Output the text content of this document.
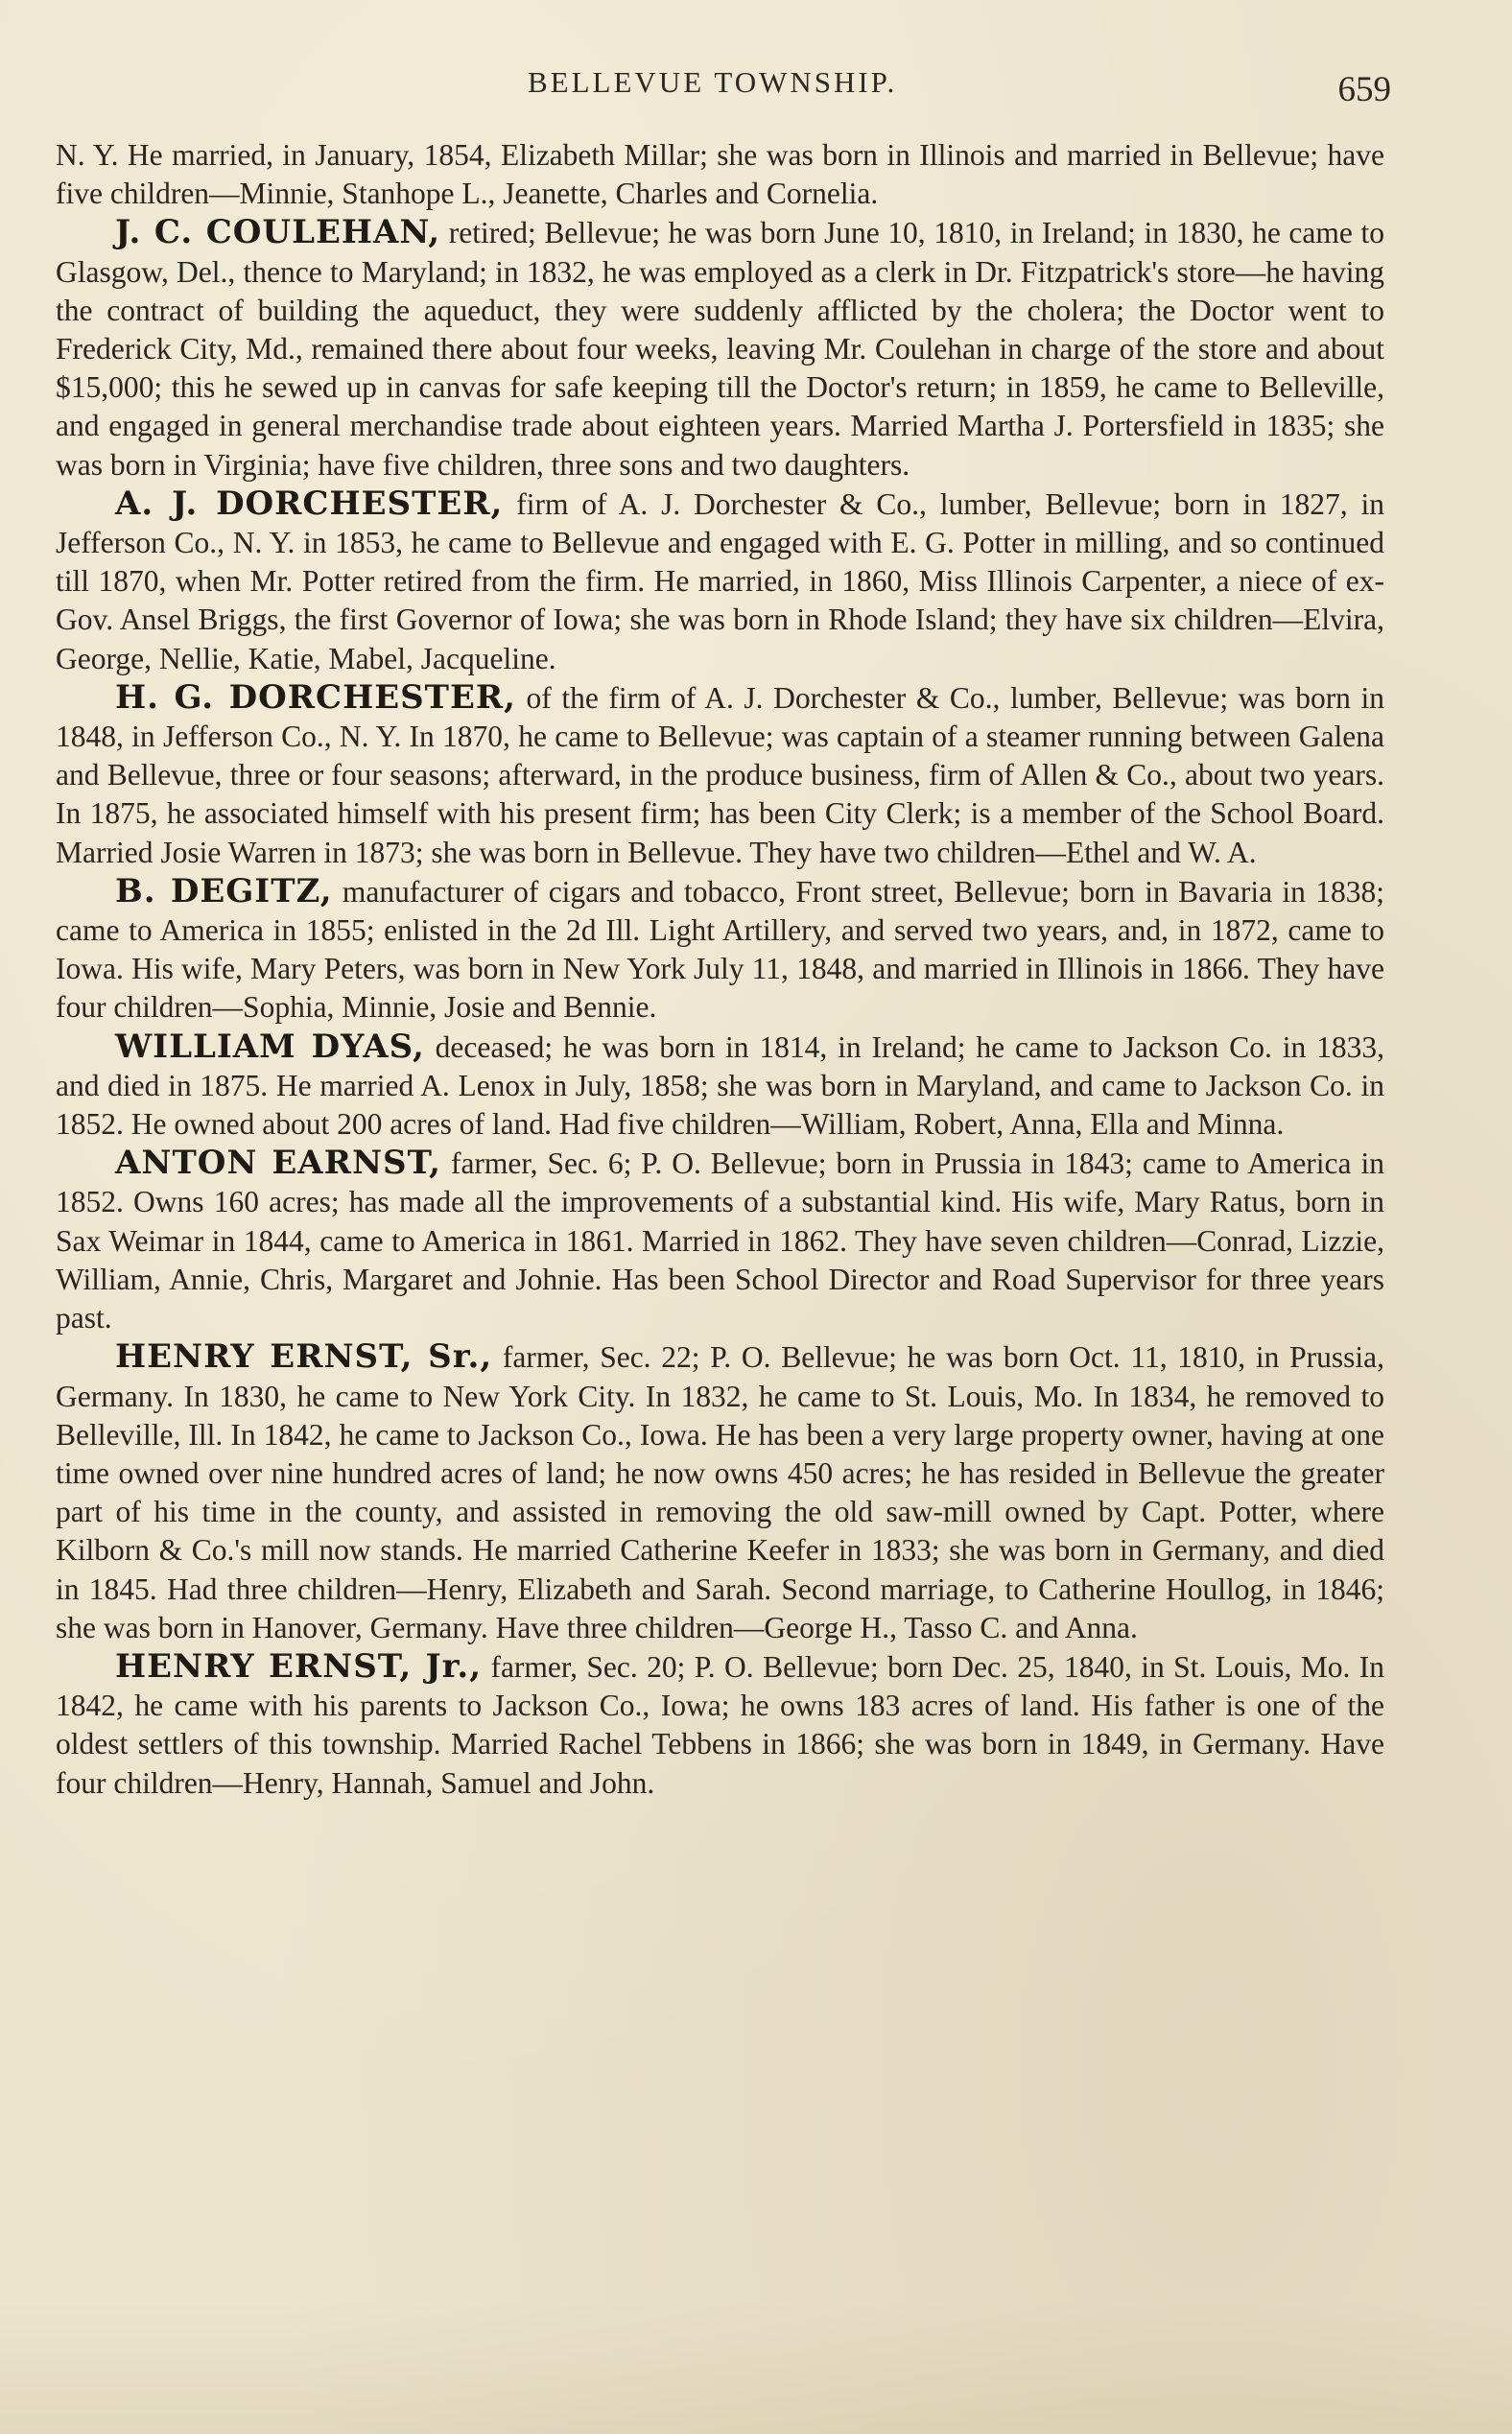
BELLEVUE TOWNSHIP.	659

N. Y. He married, in January, 1854, Elizabeth Millar; she was born in Illinois and married in Bellevue; have five children—Minnie, Stanhope L., Jeanette, Charles and Cornelia.

J. C. COULEHAN, retired; Bellevue; he was born June 10, 1810, in Ireland; in 1830, he came to Glasgow, Del., thence to Maryland; in 1832, he was employed as a clerk in Dr. Fitzpatrick's store—he having the contract of building the aqueduct, they were suddenly afflicted by the cholera; the Doctor went to Frederick City, Md., remained there about four weeks, leaving Mr. Coulehan in charge of the store and about $15,000; this he sewed up in canvas for safe keeping till the Doctor's return; in 1859, he came to Belleville, and engaged in general merchandise trade about eighteen years. Married Martha J. Portersfield in 1835; she was born in Virginia; have five children, three sons and two daughters.

A. J. DORCHESTER, firm of A. J. Dorchester & Co., lumber, Bellevue; born in 1827, in Jefferson Co., N. Y. in 1853, he came to Bellevue and engaged with E. G. Potter in milling, and so continued till 1870, when Mr. Potter retired from the firm. He married, in 1860, Miss Illinois Carpenter, a niece of ex-Gov. Ansel Briggs, the first Governor of Iowa; she was born in Rhode Island; they have six children—Elvira, George, Nellie, Katie, Mabel, Jacqueline.

H. G. DORCHESTER, of the firm of A. J. Dorchester & Co., lumber, Bellevue; was born in 1848, in Jefferson Co., N. Y. In 1870, he came to Bellevue; was captain of a steamer running between Galena and Bellevue, three or four seasons; afterward, in the produce business, firm of Allen & Co., about two years. In 1875, he associated himself with his present firm; has been City Clerk; is a member of the School Board. Married Josie Warren in 1873; she was born in Bellevue. They have two children—Ethel and W. A.

B. DEGITZ, manufacturer of cigars and tobacco, Front street, Bellevue; born in Bavaria in 1838; came to America in 1855; enlisted in the 2d Ill. Light Artillery, and served two years, and, in 1872, came to Iowa. His wife, Mary Peters, was born in New York July 11, 1848, and married in Illinois in 1866. They have four children—Sophia, Minnie, Josie and Bennie.

WILLIAM DYAS, deceased; he was born in 1814, in Ireland; he came to Jackson Co. in 1833, and died in 1875. He married A. Lenox in July, 1858; she was born in Maryland, and came to Jackson Co. in 1852. He owned about 200 acres of land. Had five children—William, Robert, Anna, Ella and Minna.

ANTON EARNST, farmer, Sec. 6; P. O. Bellevue; born in Prussia in 1843; came to America in 1852. Owns 160 acres; has made all the improvements of a substantial kind. His wife, Mary Ratus, born in Sax Weimar in 1844, came to America in 1861. Married in 1862. They have seven children—Conrad, Lizzie, William, Annie, Chris, Margaret and Johnie. Has been School Director and Road Supervisor for three years past.

HENRY ERNST, Sr., farmer, Sec. 22; P. O. Bellevue; he was born Oct. 11, 1810, in Prussia, Germany. In 1830, he came to New York City. In 1832, he came to St. Louis, Mo. In 1834, he removed to Belleville, Ill. In 1842, he came to Jackson Co., Iowa. He has been a very large property owner, having at one time owned over nine hundred acres of land; he now owns 450 acres; he has resided in Bellevue the greater part of his time in the county, and assisted in removing the old saw-mill owned by Capt. Potter, where Kilborn & Co.'s mill now stands. He married Catherine Keefer in 1833; she was born in Germany, and died in 1845. Had three children—Henry, Elizabeth and Sarah. Second marriage, to Catherine Houllog, in 1846; she was born in Hanover, Germany. Have three children—George H., Tasso C. and Anna.

HENRY ERNST, Jr., farmer, Sec. 20; P. O. Bellevue; born Dec. 25, 1840, in St. Louis, Mo. In 1842, he came with his parents to Jackson Co., Iowa; he owns 183 acres of land. His father is one of the oldest settlers of this township. Married Rachel Tebbens in 1866; she was born in 1849, in Germany. Have four children—Henry, Hannah, Samuel and John.
